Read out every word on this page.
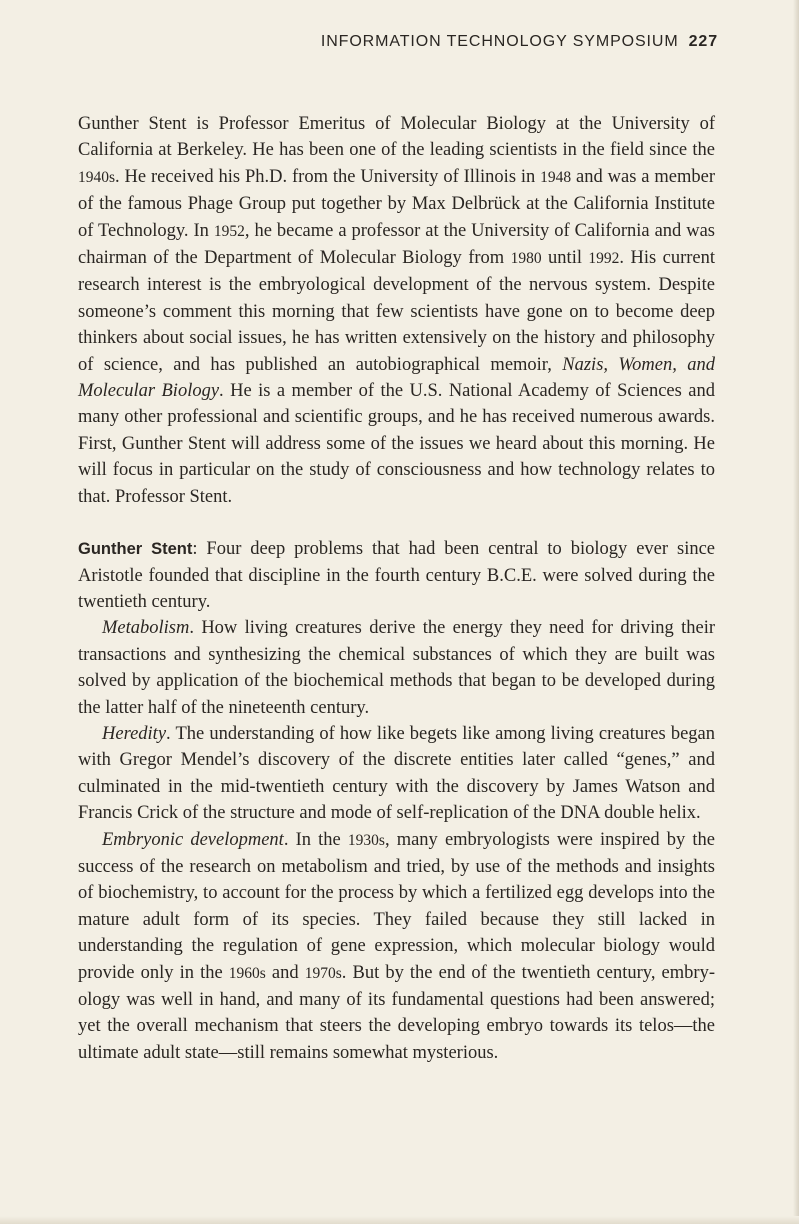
INFORMATION TECHNOLOGY SYMPOSIUM 227

Gunther Stent is Professor Emeritus of Molecular Biology at the University of California at Berkeley. He has been one of the leading scientists in the field since the 1940s. He received his Ph.D. from the University of Illinois in 1948 and was a member of the famous Phage Group put together by Max Delbrück at the California Institute of Technology. In 1952, he became a professor at the University of California and was chairman of the Department of Molecular Biology from 1980 until 1992. His current research interest is the embryological development of the nervous system. Despite someone’s comment this morning that few scientists have gone on to become deep thinkers about social issues, he has written extensively on the history and philosophy of science, and has published an autobiographical memoir, Nazis, Women, and Molecular Biology. He is a member of the U.S. National Academy of Sciences and many other professional and scientific groups, and he has received numerous awards. First, Gunther Stent will address some of the issues we heard about this morning. He will focus in particular on the study of consciousness and how technology relates to that. Professor Stent.

Gunther Stent: Four deep problems that had been central to biology ever since Aristotle founded that discipline in the fourth century B.C.E. were solved during the twentieth century.

Metabolism. How living creatures derive the energy they need for driving their transactions and synthesizing the chemical substances of which they are built was solved by application of the biochemical methods that began to be developed during the latter half of the nineteenth century.

Heredity. The understanding of how like begets like among living creatures began with Gregor Mendel’s discovery of the discrete entities later called “genes,” and culminated in the mid-twentieth century with the discovery by James Watson and Francis Crick of the structure and mode of self-replication of the DNA double helix.

Embryonic development. In the 1930s, many embryologists were inspired by the success of the research on metabolism and tried, by use of the methods and insights of biochemistry, to account for the process by which a fertilized egg develops into the mature adult form of its species. They failed because they still lacked in understanding the regulation of gene expression, which molecular biology would provide only in the 1960s and 1970s. But by the end of the twentieth century, embryology was well in hand, and many of its fundamental questions had been answered; yet the overall mechanism that steers the developing embryo towards its telos—the ultimate adult state—still remains somewhat mysterious.
